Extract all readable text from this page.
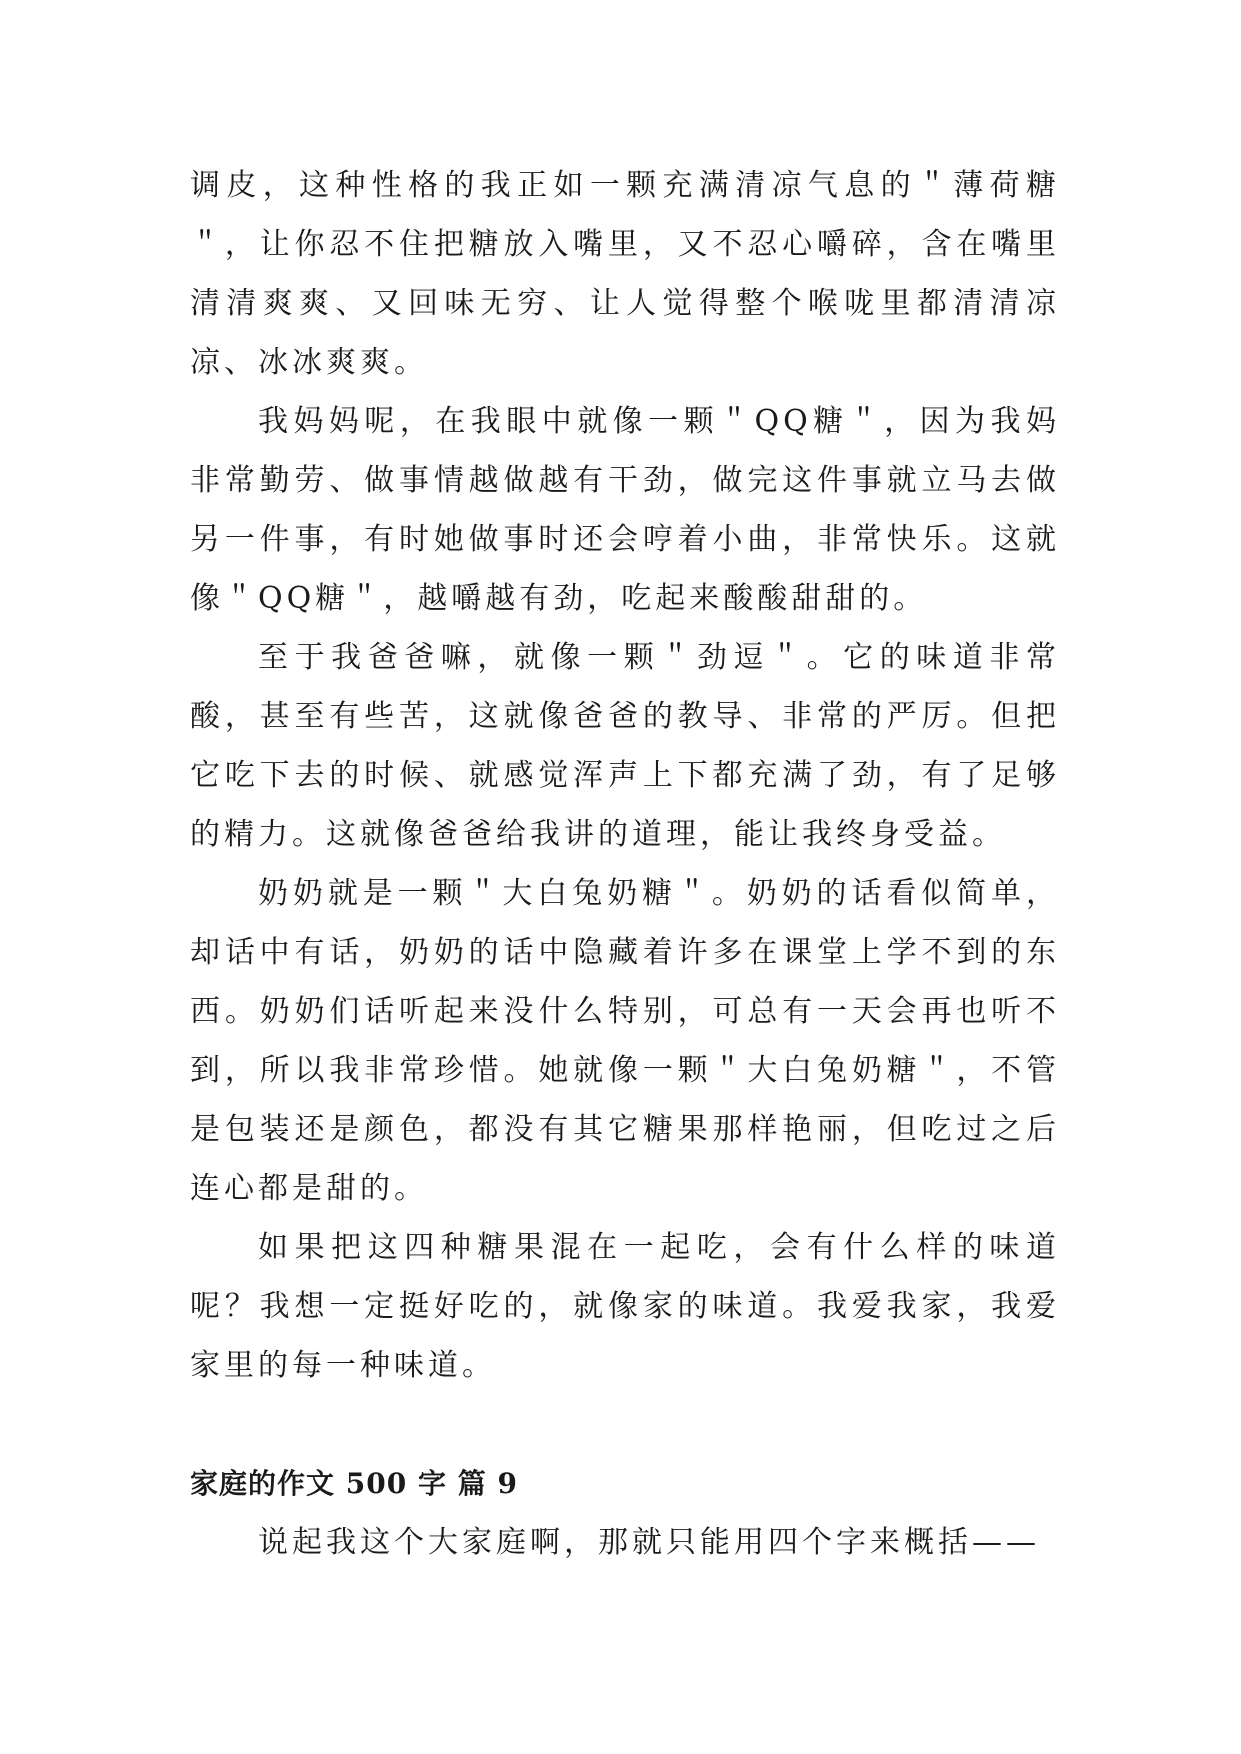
调皮，这种性格的我正如一颗充满清凉气息的＂薄荷糖＂，让你忍不住把糖放入嘴里，又不忍心嚼碎，含在嘴里清清爽爽、又回味无穷、让人觉得整个喉咙里都清清凉凉、冰冰爽爽。

我妈妈呢，在我眼中就像一颗＂QQ糖＂，因为我妈非常勤劳、做事情越做越有干劲，做完这件事就立马去做另一件事，有时她做事时还会哼着小曲，非常快乐。这就像＂QQ糖＂，越嚼越有劲，吃起来酸酸甜甜的。

至于我爸爸嘛，就像一颗＂劲逗＂。它的味道非常酸，甚至有些苦，这就像爸爸的教导、非常的严厉。但把它吃下去的时候、就感觉浑声上下都充满了劲，有了足够的精力。这就像爸爸给我讲的道理，能让我终身受益。

奶奶就是一颗＂大白兔奶糖＂。奶奶的话看似简单，却话中有话，奶奶的话中隐藏着许多在课堂上学不到的东西。奶奶们话听起来没什么特别，可总有一天会再也听不到，所以我非常珍惜。她就像一颗＂大白兔奶糖＂，不管是包装还是颜色，都没有其它糖果那样艳丽，但吃过之后连心都是甜的。

如果把这四种糖果混在一起吃，会有什么样的味道呢？我想一定挺好吃的，就像家的味道。我爱我家，我爱家里的每一种味道。

家庭的作文 500 字 篇 9

说起我这个大家庭啊，那就只能用四个字来概括——
